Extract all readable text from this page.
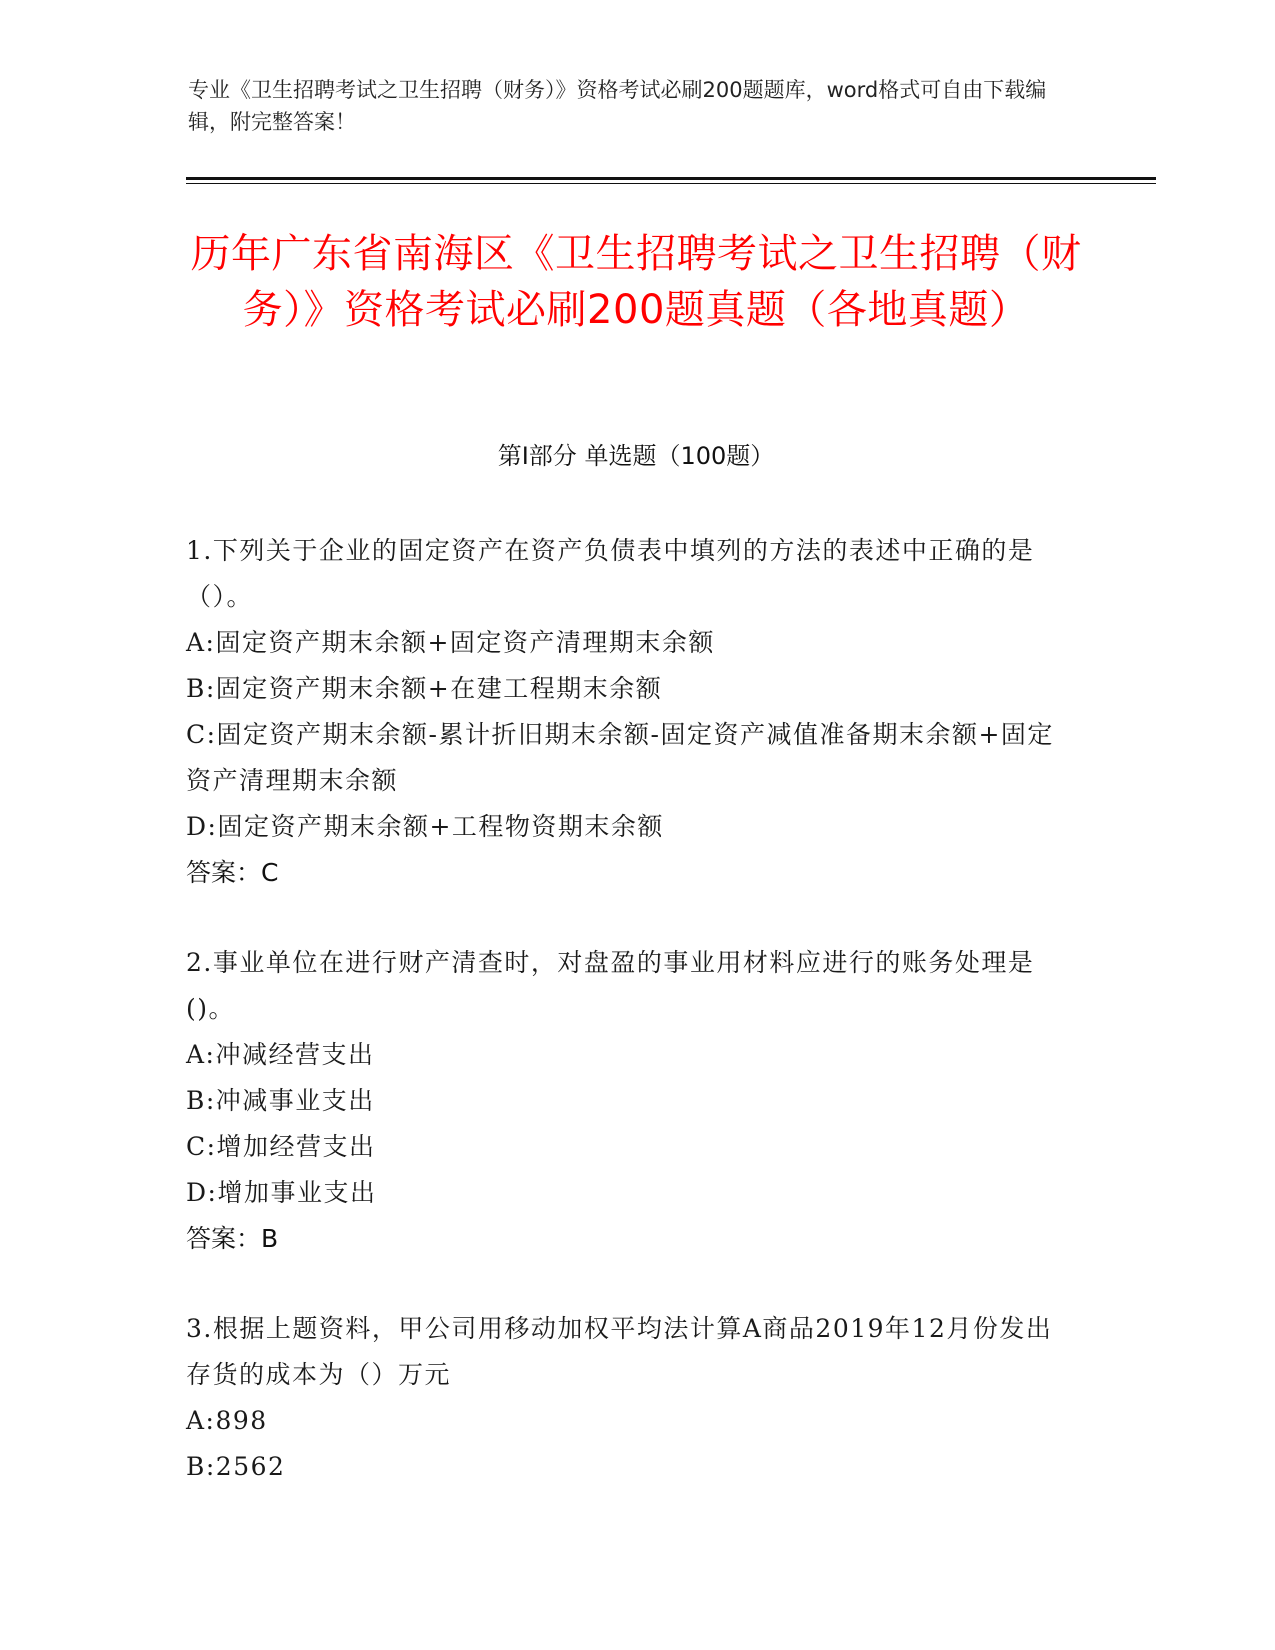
专业《卫生招聘考试之卫生招聘（财务）》资格考试必刷200题题库，word格式可自由下载编辑，附完整答案！
历年广东省南海区《卫生招聘考试之卫生招聘（财务）》资格考试必刷200题真题（各地真题）
第Ⅰ部分 单选题（100题）
1.下列关于企业的固定资产在资产负债表中填列的方法的表述中正确的是（）。
A:固定资产期末余额+固定资产清理期末余额
B:固定资产期末余额+在建工程期末余额
C:固定资产期末余额-累计折旧期末余额-固定资产减值准备期末余额+固定资产清理期末余额
D:固定资产期末余额+工程物资期末余额
答案：C
2.事业单位在进行财产清查时，对盘盈的事业用材料应进行的账务处理是()。
A:冲减经营支出
B:冲减事业支出
C:增加经营支出
D:增加事业支出
答案：B
3.根据上题资料，甲公司用移动加权平均法计算A商品2019年12月份发出存货的成本为（）万元
A:898
B:2562
